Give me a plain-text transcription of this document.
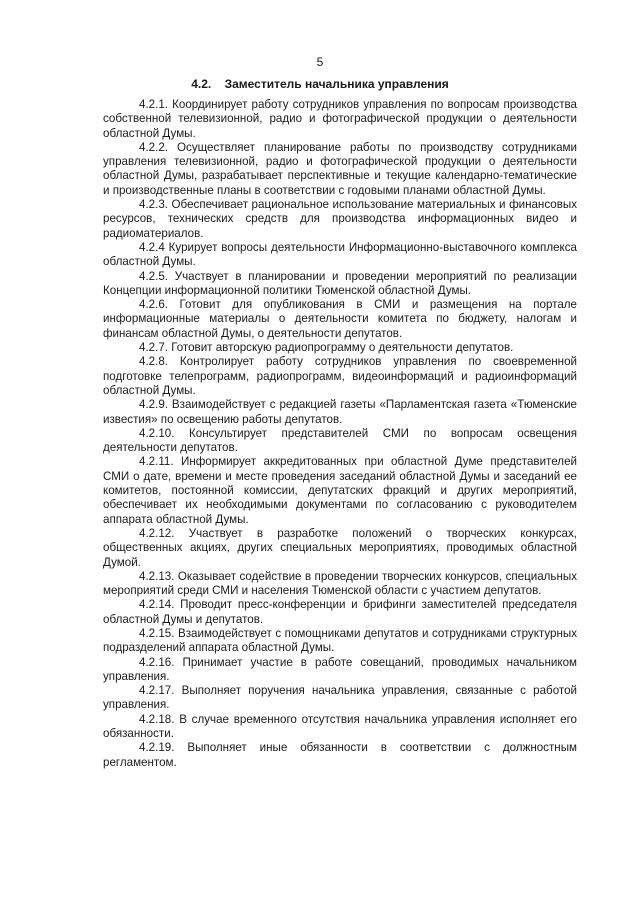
5
4.2. Заместитель начальника управления

4.2.1. Координирует работу сотрудников управления по вопросам производства собственной телевизионной, радио и фотографической продукции о деятельности областной Думы.

4.2.2. Осуществляет планирование работы по производству сотрудниками управления телевизионной, радио и фотографической продукции о деятельности областной Думы, разрабатывает перспективные и текущие календарно-тематические и производственные планы в соответствии с годовыми планами областной Думы.

4.2.3. Обеспечивает рациональное использование материальных и финансовых ресурсов, технических средств для производства информационных видео и радиоматериалов.

4.2.4 Курирует вопросы деятельности Информационно-выставочного комплекса областной Думы.

4.2.5. Участвует в планировании и проведении мероприятий по реализации Концепции информационной политики Тюменской областной Думы.

4.2.6. Готовит для опубликования в СМИ и размещения на портале информационные материалы о деятельности комитета по бюджету, налогам и финансам областной Думы, о деятельности депутатов.

4.2.7. Готовит авторскую радиопрограмму о деятельности депутатов.

4.2.8. Контролирует работу сотрудников управления по своевременной подготовке телепрограмм, радиопрограмм, видеоинформаций и радиоинформаций областной Думы.

4.2.9. Взаимодействует с редакцией газеты «Парламентская газета «Тюменские известия» по освещению работы депутатов.

4.2.10. Консультирует представителей СМИ по вопросам освещения деятельности депутатов.

4.2.11. Информирует аккредитованных при областной Думе представителей СМИ о дате, времени и месте проведения заседаний областной Думы и заседаний ее комитетов, постоянной комиссии, депутатских фракций и других мероприятий, обеспечивает их необходимыми документами по согласованию с руководителем аппарата областной Думы.

4.2.12. Участвует в разработке положений о творческих конкурсах, общественных акциях, других специальных мероприятиях, проводимых областной Думой.

4.2.13. Оказывает содействие в проведении творческих конкурсов, специальных мероприятий среди СМИ и населения Тюменской области с участием депутатов.

4.2.14. Проводит пресс-конференции и брифинги заместителей председателя областной Думы и депутатов.

4.2.15. Взаимодействует с помощниками депутатов и сотрудниками структурных подразделений аппарата областной Думы.

4.2.16. Принимает участие в работе совещаний, проводимых начальником управления.

4.2.17. Выполняет поручения начальника управления, связанные с работой управления.

4.2.18. В случае временного отсутствия начальника управления исполняет его обязанности.

4.2.19. Выполняет иные обязанности в соответствии с должностным регламентом.
